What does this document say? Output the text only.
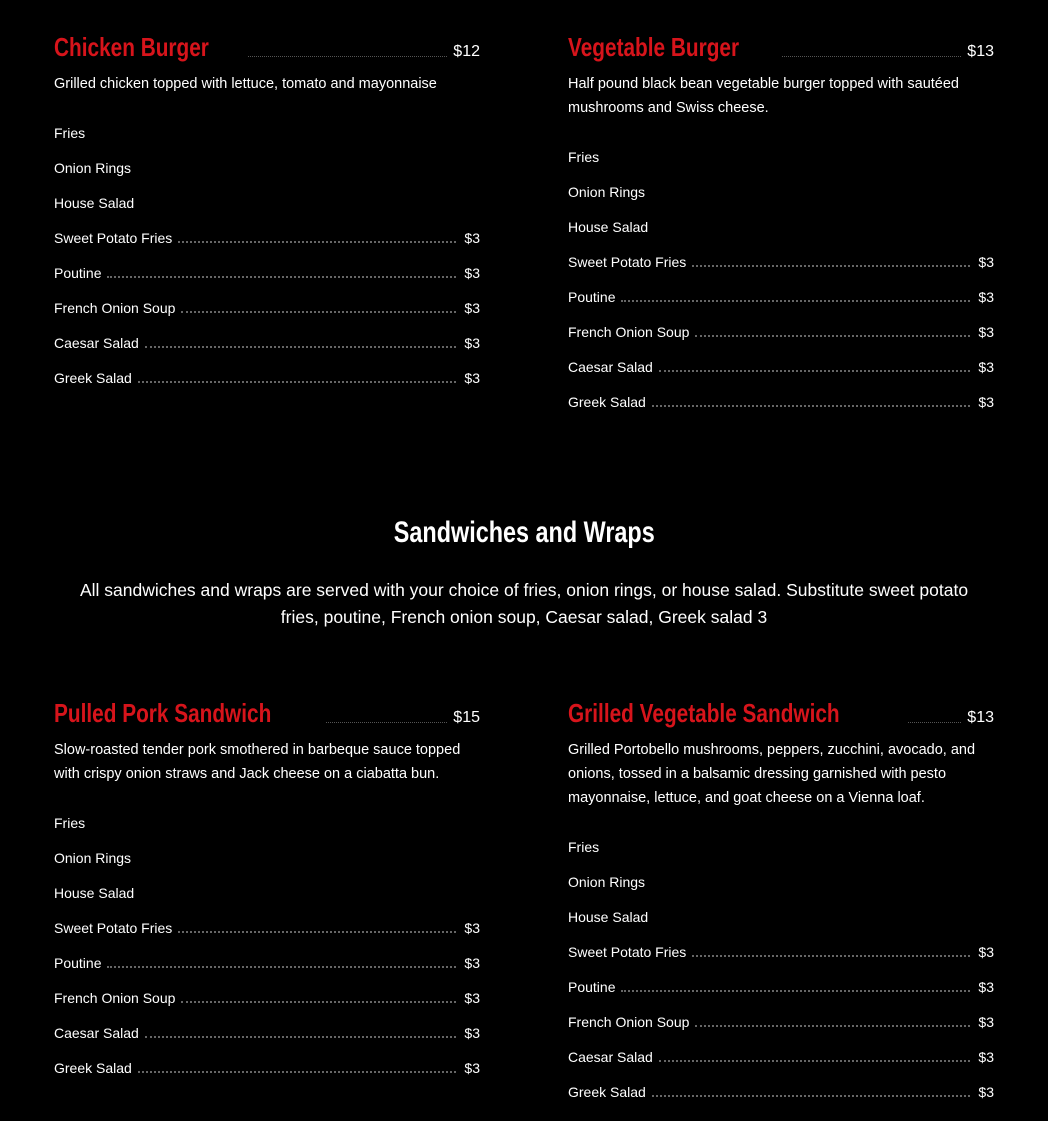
Chicken Burger	$12

Grilled chicken topped with lettuce, tomato and mayonnaise

Fries
Onion Rings
House Salad
Sweet Potato Fries	$3
Poutine	$3
French Onion Soup	$3
Caesar Salad	$3
Greek Salad	$3
Vegetable Burger	$13

Half pound black bean vegetable burger topped with sautéed mushrooms and Swiss cheese.

Fries
Onion Rings
House Salad
Sweet Potato Fries	$3
Poutine	$3
French Onion Soup	$3
Caesar Salad	$3
Greek Salad	$3
Sandwiches and Wraps

All sandwiches and wraps are served with your choice of fries, onion rings, or house salad. Substitute sweet potato fries, poutine, French onion soup, Caesar salad, Greek salad 3

Pulled Pork Sandwich	$15

Slow-roasted tender pork smothered in barbeque sauce topped with crispy onion straws and Jack cheese on a ciabatta bun.

Fries
Onion Rings
House Salad
Sweet Potato Fries	$3
Poutine	$3
French Onion Soup	$3
Caesar Salad	$3
Greek Salad	$3
Grilled Vegetable Sandwich	$13

Grilled Portobello mushrooms, peppers, zucchini, avocado, and onions, tossed in a balsamic dressing garnished with pesto mayonnaise, lettuce, and goat cheese on a Vienna loaf.

Fries
Onion Rings
House Salad
Sweet Potato Fries	$3
Poutine	$3
French Onion Soup	$3
Caesar Salad	$3
Greek Salad	$3
